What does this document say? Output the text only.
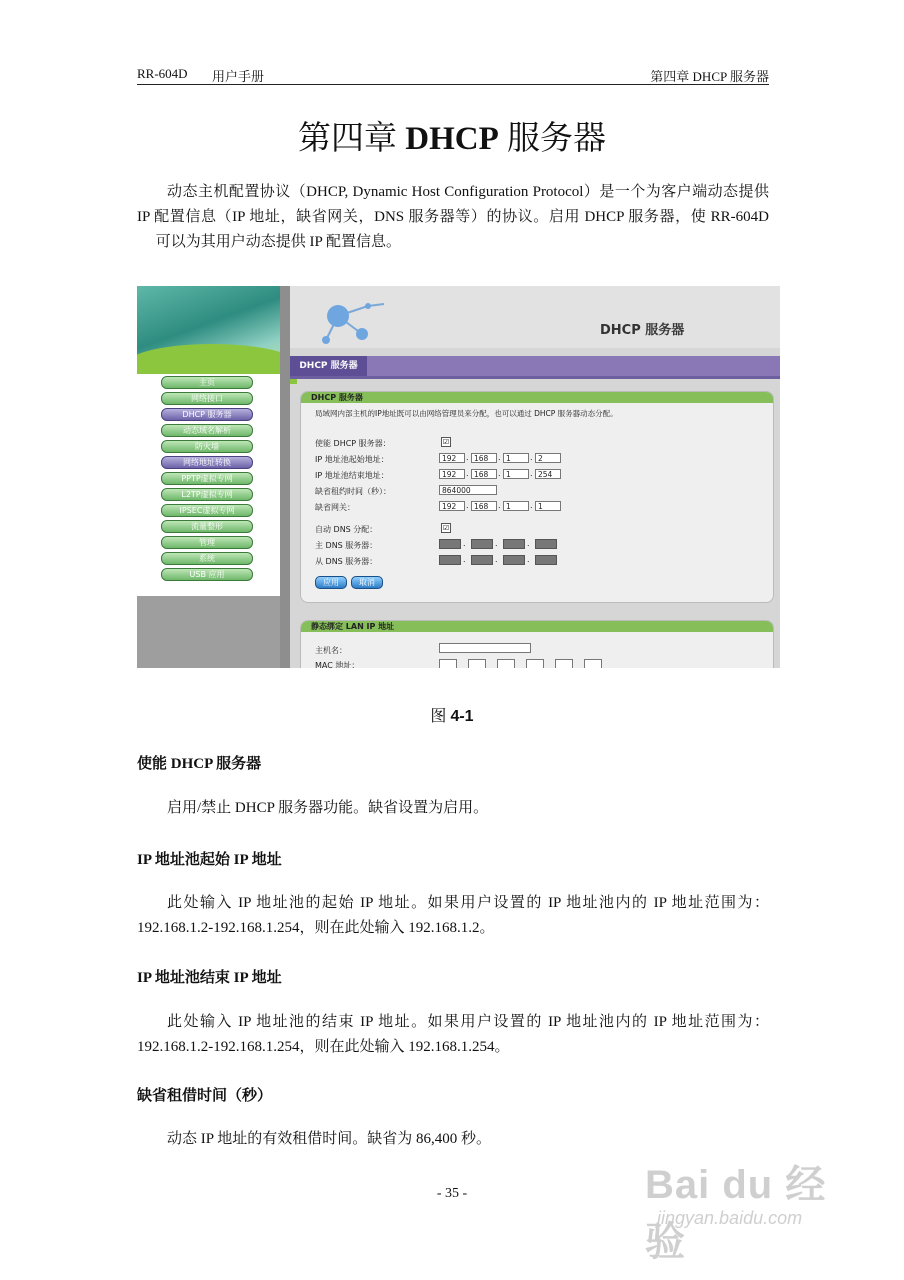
RR-604D 用户手册	第四章 DHCP 服务器
第四章 DHCP 服务器
动态主机配置协议（DHCP, Dynamic Host Configuration Protocol）是一个为客户端动态提供 IP 配置信息（IP 地址，缺省网关，DNS 服务器等）的协议。启用 DHCP 服务器，使 RR-604D 　 可以为其用户动态提供 IP 配置信息。
主页
网络接口
DHCP 服务器
动态域名解析
防火墙
网络地址转换
PPTP虚拟专网
L2TP虚拟专网
IPSEC虚拟专网
流量整形
管理
系统
USB 应用
DHCP 服务器
DHCP 服务器
DHCP 服务器
局域网内部主机的IP地址既可以由网络管理员来分配，也可以通过 DHCP 服务器动态分配。
使能 DHCP 服务器：	☑
IP 地址池起始地址：	192	. 168	. 1	. 2
IP 地址池结束地址：	192	. 168	. 1	. 254
缺省租约时间（秒）：	864000
缺省网关：	192	. 168	. 1	. 1
自动 DNS 分配：	☑
主 DNS 服务器：	.	.	.
从 DNS 服务器：	.	.	.
应用	取消
静态绑定 LAN IP 地址
主机名：
MAC 地址：
图 4-1
使能 DHCP 服务器
启用/禁止 DHCP 服务器功能。缺省设置为启用。
IP 地址池起始 IP 地址
此处输入 IP 地址池的起始 IP 地址。如果用户设置的 IP 地址池内的 IP 地址范围为：192.168.1.2-192.168.1.254，则在此处输入 192.168.1.2。
IP 地址池结束 IP 地址
此处输入 IP 地址池的结束 IP 地址。如果用户设置的 IP 地址池内的 IP 地址范围为：192.168.1.2-192.168.1.254，则在此处输入 192.168.1.254。
缺省租借时间（秒）
动态 IP 地址的有效租借时间。缺省为 86,400 秒。
- 35 -	Bai du 经验
jingyan.baidu.com
